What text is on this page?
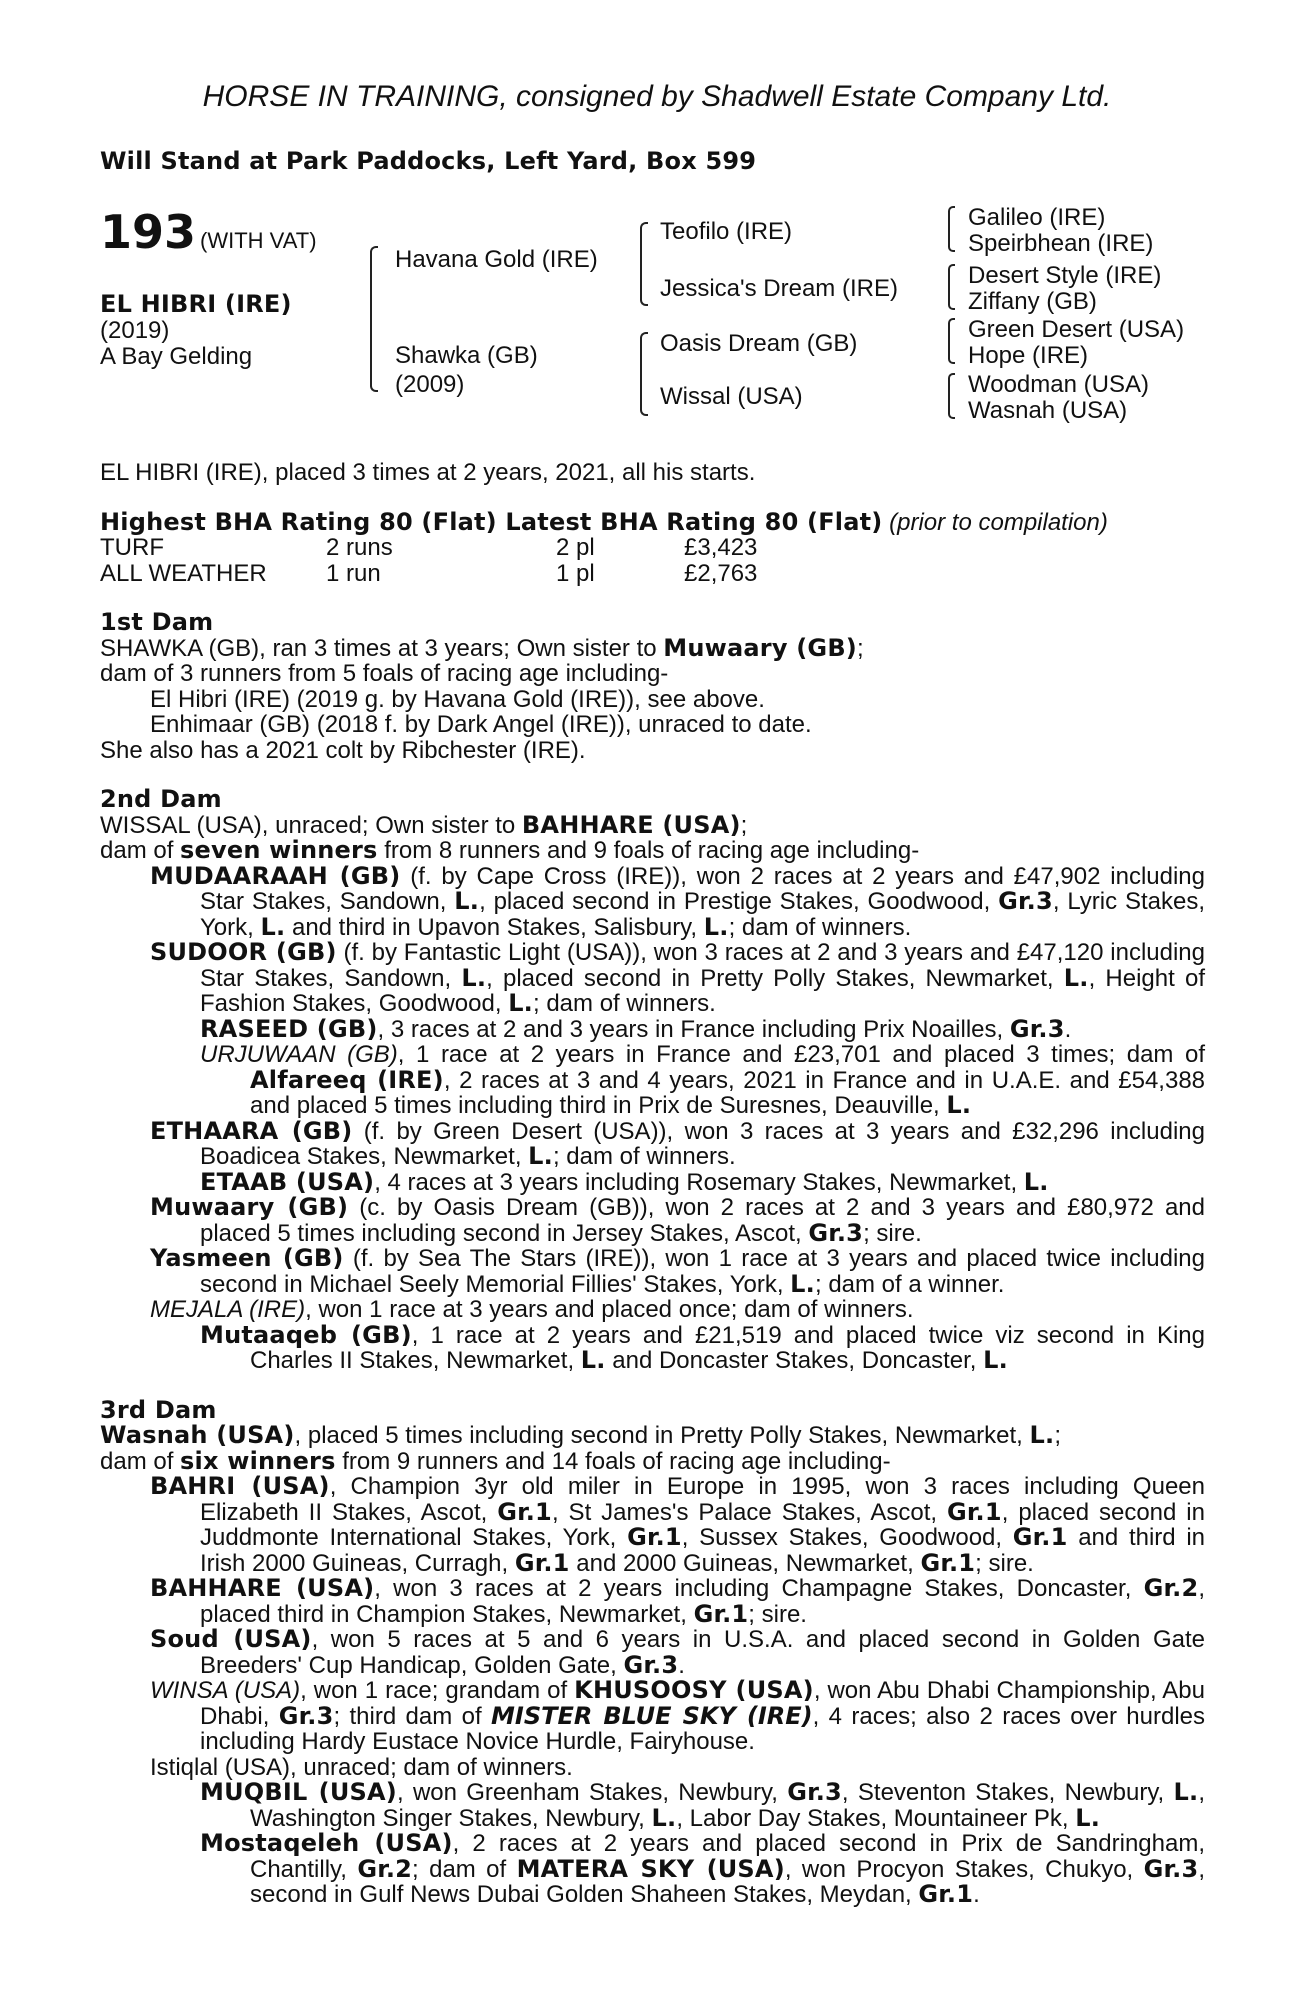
HORSE IN TRAINING, consigned by Shadwell Estate Company Ltd.
Will Stand at Park Paddocks, Left Yard, Box 599
193 (WITH VAT)
EL HIBRI (IRE)
(2019)
A Bay Gelding
Havana Gold (IRE)
Shawka (GB)
(2009)
Teofilo (IRE)
Jessica's Dream (IRE)
Oasis Dream (GB)
Wissal (USA)
Galileo (IRE)
Speirbhean (IRE)
Desert Style (IRE)
Ziffany (GB)
Green Desert (USA)
Hope (IRE)
Woodman (USA)
Wasnah (USA)

EL HIBRI (IRE), placed 3 times at 2 years, 2021, all his starts.

Highest BHA Rating 80 (Flat) Latest BHA Rating 80 (Flat) (prior to compilation)

TURF	2 runs	2 pl	£3,423
ALL WEATHER	1 run	1 pl	£2,763

1st Dam

SHAWKA (GB), ran 3 times at 3 years; Own sister to Muwaary (GB);

dam of 3 runners from 5 foals of racing age including-

El Hibri (IRE) (2019 g. by Havana Gold (IRE)), see above.

Enhimaar (GB) (2018 f. by Dark Angel (IRE)), unraced to date.

She also has a 2021 colt by Ribchester (IRE).

2nd Dam

WISSAL (USA), unraced; Own sister to BAHHARE (USA);

dam of seven winners from 8 runners and 9 foals of racing age including-

MUDAARAAH (GB) (f. by Cape Cross (IRE)), won 2 races at 2 years and £47,902 including Star Stakes, Sandown, L., placed second in Prestige Stakes, Goodwood, Gr.3, Lyric Stakes, York, L. and third in Upavon Stakes, Salisbury, L.; dam of winners.

SUDOOR (GB) (f. by Fantastic Light (USA)), won 3 races at 2 and 3 years and £47,120 including Star Stakes, Sandown, L., placed second in Pretty Polly Stakes, Newmarket, L., Height of Fashion Stakes, Goodwood, L.; dam of winners.

RASEED (GB), 3 races at 2 and 3 years in France including Prix Noailles, Gr.3.

URJUWAAN (GB), 1 race at 2 years in France and £23,701 and placed 3 times; dam of Alfareeq (IRE), 2 races at 3 and 4 years, 2021 in France and in U.A.E. and £54,388 and placed 5 times including third in Prix de Suresnes, Deauville, L.

ETHAARA (GB) (f. by Green Desert (USA)), won 3 races at 3 years and £32,296 including Boadicea Stakes, Newmarket, L.; dam of winners.

ETAAB (USA), 4 races at 3 years including Rosemary Stakes, Newmarket, L.

Muwaary (GB) (c. by Oasis Dream (GB)), won 2 races at 2 and 3 years and £80,972 and placed 5 times including second in Jersey Stakes, Ascot, Gr.3; sire.

Yasmeen (GB) (f. by Sea The Stars (IRE)), won 1 race at 3 years and placed twice including second in Michael Seely Memorial Fillies' Stakes, York, L.; dam of a winner.

MEJALA (IRE), won 1 race at 3 years and placed once; dam of winners.

Mutaaqeb (GB), 1 race at 2 years and £21,519 and placed twice viz second in King Charles II Stakes, Newmarket, L. and Doncaster Stakes, Doncaster, L.

3rd Dam

Wasnah (USA), placed 5 times including second in Pretty Polly Stakes, Newmarket, L.;

dam of six winners from 9 runners and 14 foals of racing age including-

BAHRI (USA), Champion 3yr old miler in Europe in 1995, won 3 races including Queen Elizabeth II Stakes, Ascot, Gr.1, St James's Palace Stakes, Ascot, Gr.1, placed second in Juddmonte International Stakes, York, Gr.1, Sussex Stakes, Goodwood, Gr.1 and third in Irish 2000 Guineas, Curragh, Gr.1 and 2000 Guineas, Newmarket, Gr.1; sire.

BAHHARE (USA), won 3 races at 2 years including Champagne Stakes, Doncaster, Gr.2, placed third in Champion Stakes, Newmarket, Gr.1; sire.

Soud (USA), won 5 races at 5 and 6 years in U.S.A. and placed second in Golden Gate Breeders' Cup Handicap, Golden Gate, Gr.3.

WINSA (USA), won 1 race; grandam of KHUSOOSY (USA), won Abu Dhabi Championship, Abu Dhabi, Gr.3; third dam of MISTER BLUE SKY (IRE), 4 races; also 2 races over hurdles including Hardy Eustace Novice Hurdle, Fairyhouse.

Istiqlal (USA), unraced; dam of winners.

MUQBIL (USA), won Greenham Stakes, Newbury, Gr.3, Steventon Stakes, Newbury, L., Washington Singer Stakes, Newbury, L., Labor Day Stakes, Mountaineer Pk, L.

Mostaqeleh (USA), 2 races at 2 years and placed second in Prix de Sandringham, Chantilly, Gr.2; dam of MATERA SKY (USA), won Procyon Stakes, Chukyo, Gr.3, second in Gulf News Dubai Golden Shaheen Stakes, Meydan, Gr.1.
